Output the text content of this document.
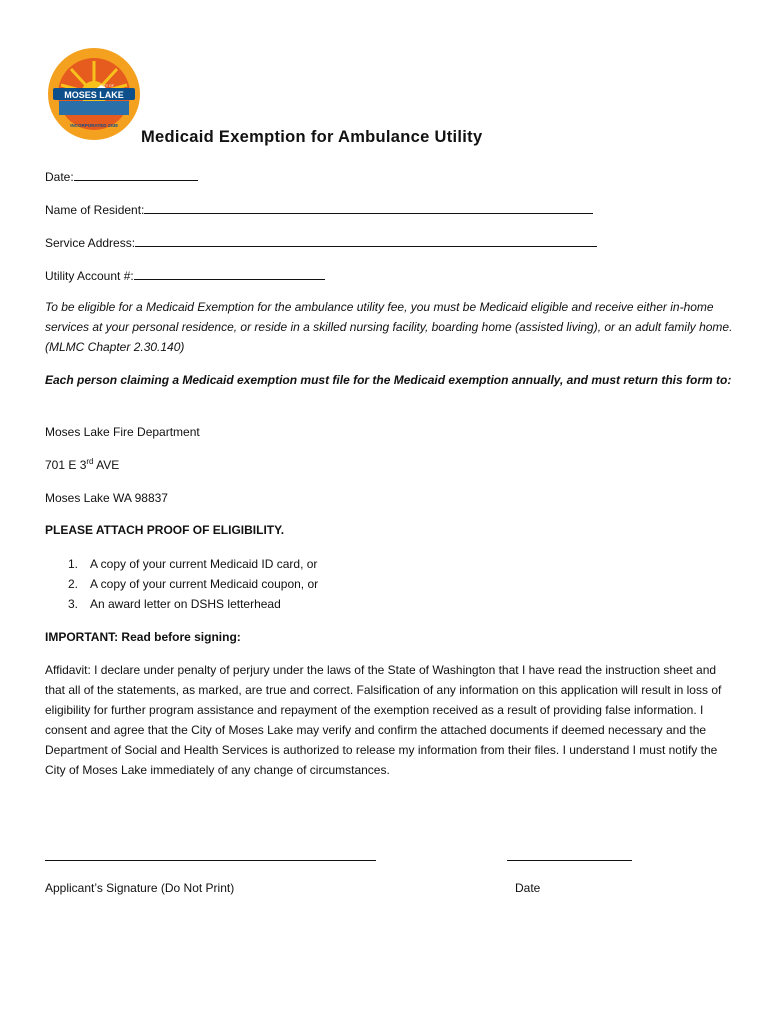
MOSES LAKE
CITY OF
INCORPORATED 1938
Medicaid Exemption for Ambulance Utility
Date:
Name of Resident:
Service Address:
Utility Account #:
To be eligible for a Medicaid Exemption for the ambulance utility fee, you must be Medicaid eligible and receive either in-home services at your personal residence, or reside in a skilled nursing facility, boarding home (assisted living), or an adult family home. (MLMC Chapter 2.30.140)
Each person claiming a Medicaid exemption must file for the Medicaid exemption annually, and must return this form to:
Moses Lake Fire Department
701 E 3rd AVE
Moses Lake WA 98837
PLEASE ATTACH PROOF OF ELIGIBILITY.
1. A copy of your current Medicaid ID card, or
2. A copy of your current Medicaid coupon, or
3. An award letter on DSHS letterhead
IMPORTANT: Read before signing:
Affidavit: I declare under penalty of perjury under the laws of the State of Washington that I have read the instruction sheet and that all of the statements, as marked, are true and correct. Falsification of any information on this application will result in loss of eligibility for further program assistance and repayment of the exemption received as a result of providing false information. I consent and agree that the City of Moses Lake may verify and confirm the attached documents if deemed necessary and the Department of Social and Health Services is authorized to release my information from their files. I understand I must notify the City of Moses Lake immediately of any change of circumstances.
Applicant’s Signature (Do Not Print)	Date
